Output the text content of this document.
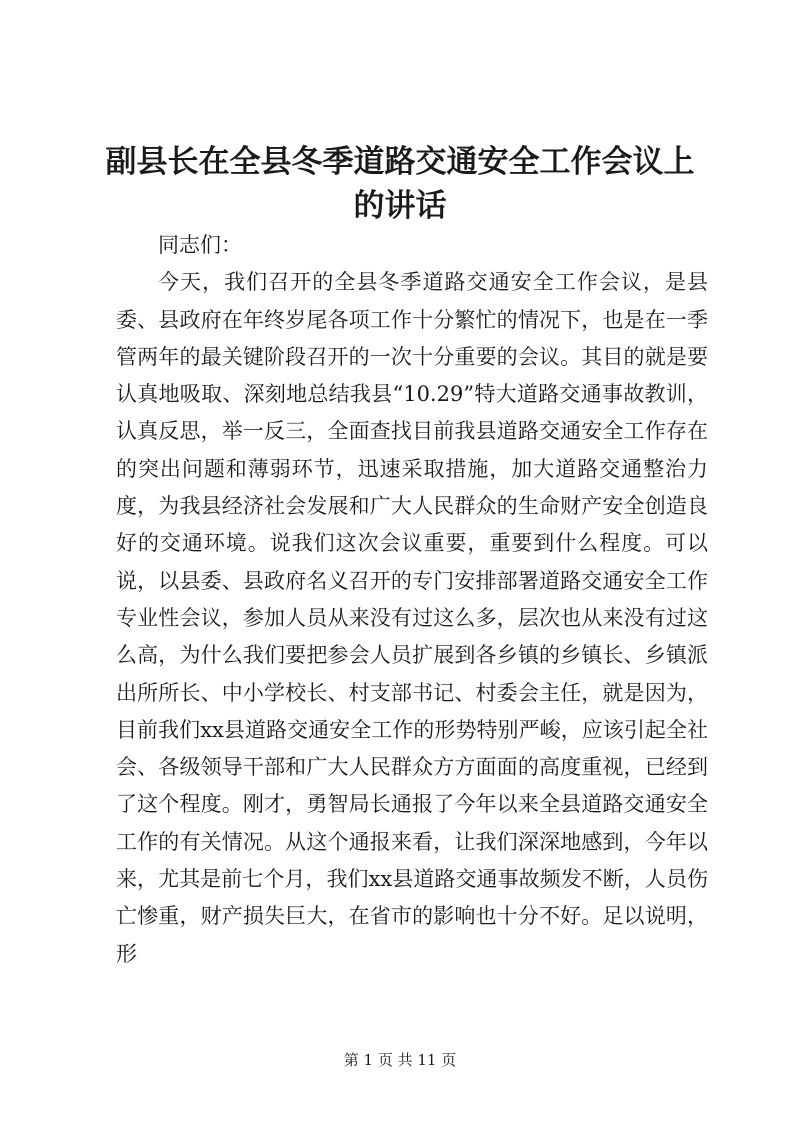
副县长在全县冬季道路交通安全工作会议上的讲话

同志们：

今天，我们召开的全县冬季道路交通安全工作会议，是县委、县政府在年终岁尾各项工作十分繁忙的情况下，也是在一季管两年的最关键阶段召开的一次十分重要的会议。其目的就是要认真地吸取、深刻地总结我县“10.29”特大道路交通事故教训，认真反思，举一反三，全面查找目前我县道路交通安全工作存在的突出问题和薄弱环节，迅速采取措施，加大道路交通整治力度，为我县经济社会发展和广大人民群众的生命财产安全创造良好的交通环境。说我们这次会议重要，重要到什么程度。可以说，以县委、县政府名义召开的专门安排部署道路交通安全工作专业性会议，参加人员从来没有过这么多，层次也从来没有过这么高，为什么我们要把参会人员扩展到各乡镇的乡镇长、乡镇派出所所长、中小学校长、村支部书记、村委会主任，就是因为，目前我们xx县道路交通安全工作的形势特别严峻，应该引起全社会、各级领导干部和广大人民群众方方面面的高度重视，已经到了这个程度。刚才，勇智局长通报了今年以来全县道路交通安全工作的有关情况。从这个通报来看，让我们深深地感到，今年以来，尤其是前七个月，我们xx县道路交通事故频发不断，人员伤亡惨重，财产损失巨大，在省市的影响也十分不好。足以说明，形

第 1 页 共 11 页
